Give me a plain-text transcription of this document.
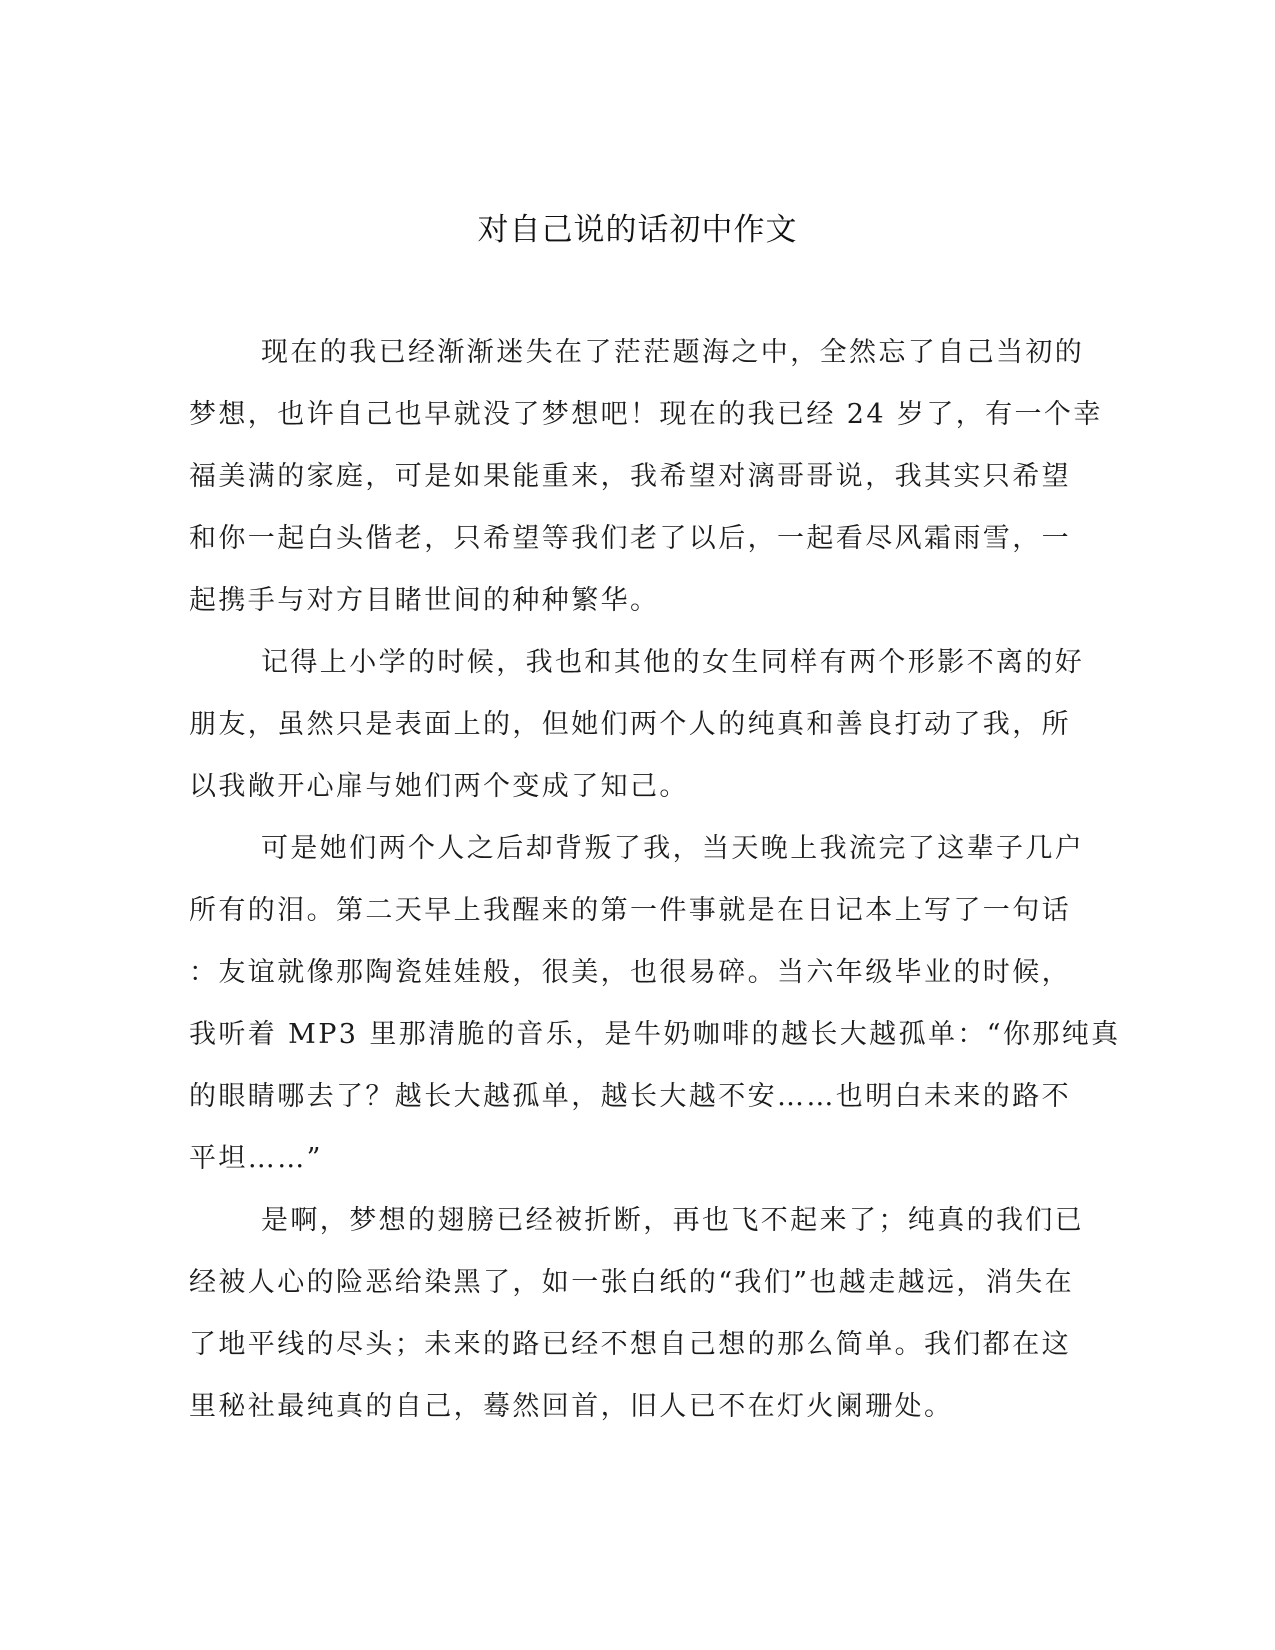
对自己说的话初中作文
现在的我已经渐渐迷失在了茫茫题海之中，全然忘了自己当初的
梦想，也许自己也早就没了梦想吧！现在的我已经 24 岁了，有一个幸
福美满的家庭，可是如果能重来，我希望对漓哥哥说，我其实只希望
和你一起白头偕老，只希望等我们老了以后，一起看尽风霜雨雪，一
起携手与对方目睹世间的种种繁华。
记得上小学的时候，我也和其他的女生同样有两个形影不离的好
朋友，虽然只是表面上的，但她们两个人的纯真和善良打动了我，所
以我敞开心扉与她们两个变成了知己。
可是她们两个人之后却背叛了我，当天晚上我流完了这辈子几户
所有的泪。第二天早上我醒来的第一件事就是在日记本上写了一句话
：友谊就像那陶瓷娃娃般，很美，也很易碎。当六年级毕业的时候，
我听着 MP3 里那清脆的音乐，是牛奶咖啡的越长大越孤单：“你那纯真
的眼睛哪去了？越长大越孤单，越长大越不安……也明白未来的路不
平坦……”
是啊，梦想的翅膀已经被折断，再也飞不起来了；纯真的我们已
经被人心的险恶给染黑了，如一张白纸的“我们”也越走越远，消失在
了地平线的尽头；未来的路已经不想自己想的那么简单。我们都在这
里秘社最纯真的自己，蓦然回首，旧人已不在灯火阑珊处。
